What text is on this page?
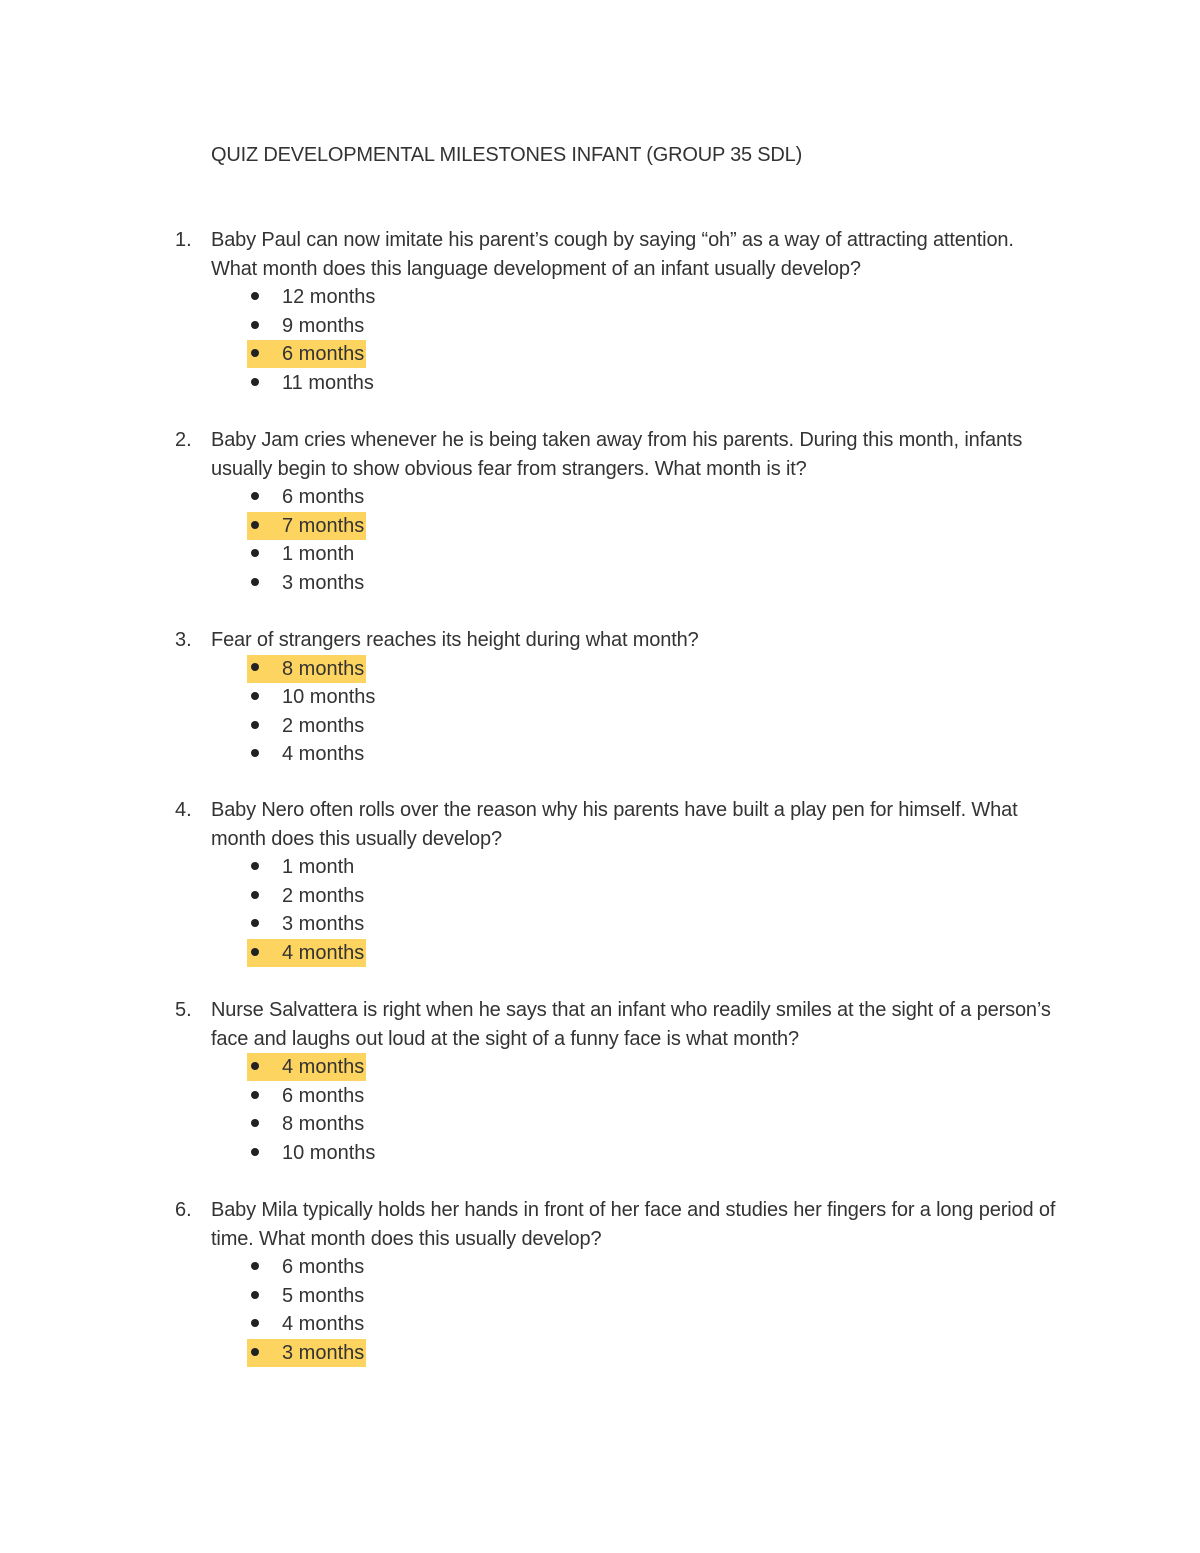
QUIZ DEVELOPMENTAL MILESTONES INFANT (GROUP 35 SDL)
1. Baby Paul can now imitate his parent’s cough by saying “oh” as a way of attracting attention. What month does this language development of an infant usually develop?
12 months
9 months
6 months
11 months
2. Baby Jam cries whenever he is being taken away from his parents. During this month, infants usually begin to show obvious fear from strangers. What month is it?
6 months
7 months
1 month
3 months
3. Fear of strangers reaches its height during what month?
8 months
10 months
2 months
4 months
4. Baby Nero often rolls over the reason why his parents have built a play pen for himself. What month does this usually develop?
1 month
2 months
3 months
4 months
5. Nurse Salvattera is right when he says that an infant who readily smiles at the sight of a person’s face and laughs out loud at the sight of a funny face is what month?
4 months
6 months
8 months
10 months
6. Baby Mila typically holds her hands in front of her face and studies her fingers for a long period of time. What month does this usually develop?
6 months
5 months
4 months
3 months
